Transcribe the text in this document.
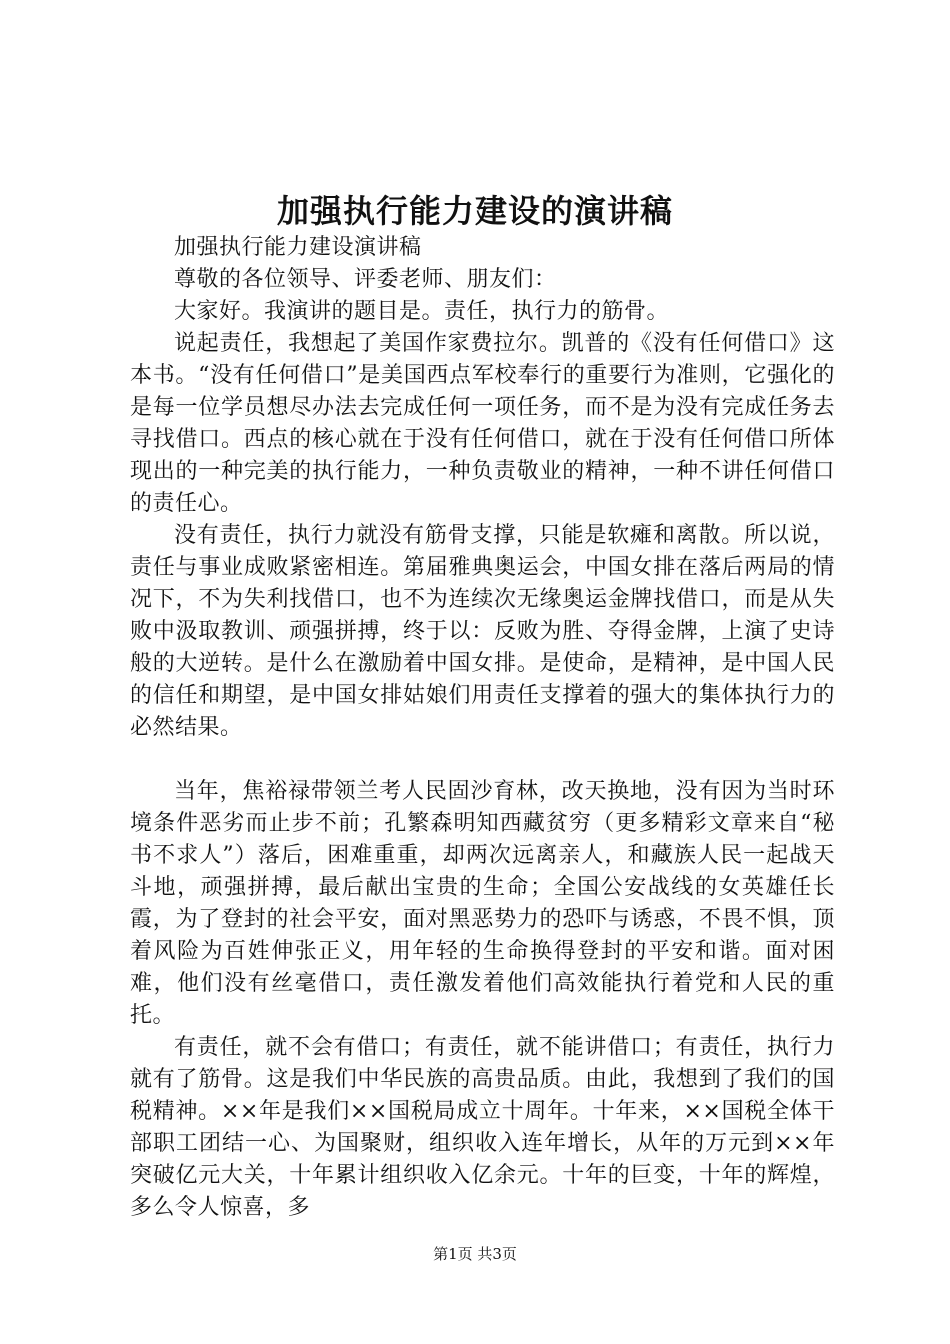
加强执行能力建设的演讲稿

加强执行能力建设演讲稿

尊敬的各位领导、评委老师、朋友们：

大家好。我演讲的题目是。责任，执行力的筋骨。

说起责任，我想起了美国作家费拉尔。凯普的《没有任何借口》这本书。“没有任何借口”是美国西点军校奉行的重要行为准则，它强化的是每一位学员想尽办法去完成任何一项任务，而不是为没有完成任务去寻找借口。西点的核心就在于没有任何借口，就在于没有任何借口所体现出的一种完美的执行能力，一种负责敬业的精神，一种不讲任何借口的责任心。

没有责任，执行力就没有筋骨支撑，只能是软瘫和离散。所以说，责任与事业成败紧密相连。第届雅典奥运会，中国女排在落后两局的情况下，不为失利找借口，也不为连续次无缘奥运金牌找借口，而是从失败中汲取教训、顽强拼搏，终于以：反败为胜、夺得金牌，上演了史诗般的大逆转。是什么在激励着中国女排。是使命，是精神，是中国人民的信任和期望，是中国女排姑娘们用责任支撑着的强大的集体执行力的必然结果。

当年，焦裕禄带领兰考人民固沙育林，改天换地，没有因为当时环境条件恶劣而止步不前；孔繁森明知西藏贫穷（更多精彩文章来自“秘书不求人”）落后，困难重重，却两次远离亲人，和藏族人民一起战天斗地，顽强拼搏，最后献出宝贵的生命；全国公安战线的女英雄任长霞，为了登封的社会平安，面对黑恶势力的恐吓与诱惑，不畏不惧，顶着风险为百姓伸张正义，用年轻的生命换得登封的平安和谐。面对困难，他们没有丝毫借口，责任激发着他们高效能执行着党和人民的重托。

有责任，就不会有借口；有责任，就不能讲借口；有责任，执行力就有了筋骨。这是我们中华民族的高贵品质。由此，我想到了我们的国税精神。××年是我们××国税局成立十周年。十年来，××国税全体干部职工团结一心、为国聚财，组织收入连年增长，从年的万元到××年突破亿元大关，十年累计组织收入亿余元。十年的巨变，十年的辉煌，多么令人惊喜，多

第1页 共3页
